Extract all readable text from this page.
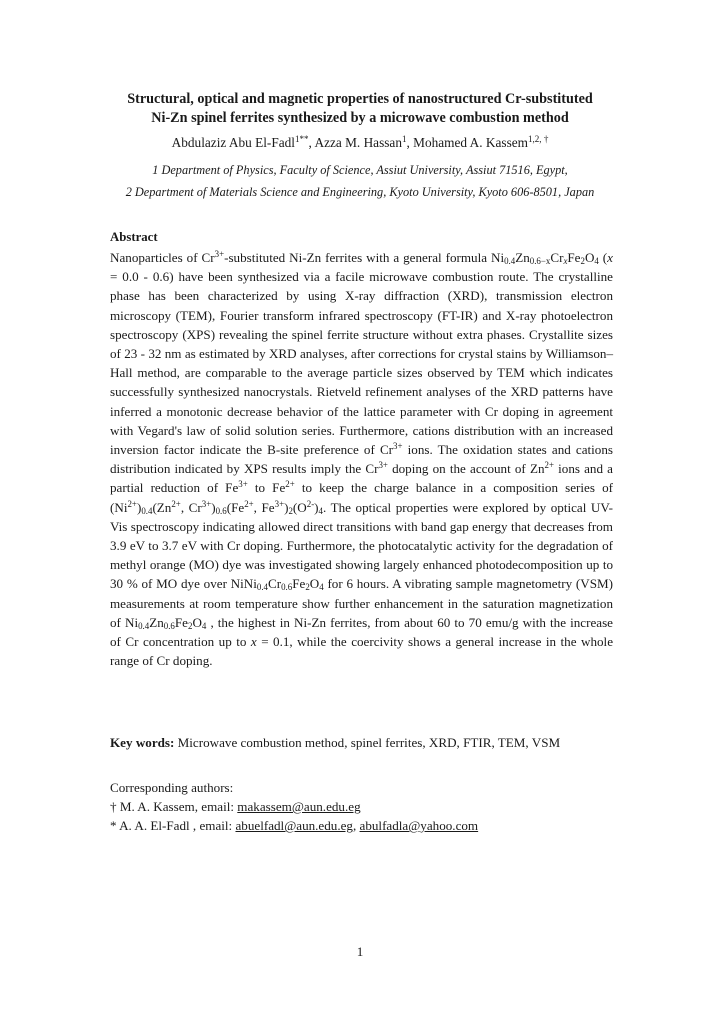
Structural, optical and magnetic properties of nanostructured Cr-substituted
Ni-Zn spinel ferrites synthesized by a microwave combustion method
Abdulaziz Abu El-Fadl$^{1**}$, Azza M. Hassan$^1$, Mohamed A. Kassem$^{1,2, \dagger}$
1 Department of Physics, Faculty of Science, Assiut University, Assiut 71516, Egypt,
2 Department of Materials Science and Engineering, Kyoto University, Kyoto 606-8501, Japan
Abstract

Nanoparticles of $Cr^{3+}$-substituted Ni-Zn ferrites with a general formula $Ni_{0.4}Zn_{0.6-x}Cr_xFe_2O_4$ (x = 0.0 - 0.6) have been synthesized via a facile microwave combustion route. The crystalline phase has been characterized by using X-ray diffraction (XRD), transmission electron microscopy (TEM), Fourier transform infrared spectroscopy (FT-IR) and X-ray photoelectron spectroscopy (XPS) revealing the spinel ferrite structure without extra phases. Crystallite sizes of 23 - 32 nm as estimated by XRD analyses, after corrections for crystal stains by Williamson–Hall method, are comparable to the average particle sizes observed by TEM which indicates successfully synthesized nanocrystals. Rietveld refinement analyses of the XRD patterns have inferred a monotonic decrease behavior of the lattice parameter with Cr doping in agreement with Vegard's law of solid solution series. Furthermore, cations distribution with an increased inversion factor indicate the B-site preference of $Cr^{3+}$ ions. The oxidation states and cations distribution indicated by XPS results imply the $Cr^{3+}$ doping on the account of $Zn^{2+}$ ions and a partial reduction of $Fe^{3+}$ to $Fe^{2+}$ to keep the charge balance in a composition series of $(Ni^{2+})_{0.4}(Zn^{2+}$, $Cr^{3+})_{0.6}(Fe^{2+}$, $Fe^{3+})_2(O^{2-})_4$. The optical properties were explored by optical UV-Vis spectroscopy indicating allowed direct transitions with band gap energy that decreases from 3.9 eV to 3.7 eV with Cr doping. Furthermore, the photocatalytic activity for the degradation of methyl orange (MO) dye was investigated showing largely enhanced photodecomposition up to 30 % of MO dye over $NiNi_{0.4}Cr_{0.6}Fe_2O_4$ for 6 hours. A vibrating sample magnetometry (VSM) measurements at room temperature show further enhancement in the saturation magnetization of $Ni_{0.4}Zn_{0.6}Fe_2O_4$ , the highest in Ni-Zn ferrites, from about 60 to 70 emu/g with the increase of Cr concentration up to x = 0.1, while the coercivity shows a general increase in the whole range of Cr doping.

Key words: Microwave combustion method, spinel ferrites, XRD, FTIR, TEM, VSM
Corresponding authors:
† M. A. Kassem, email: makassem@aun.edu.eg
* A. A. El-Fadl , email: abuelfadl@aun.edu.eg, abulfadla@yahoo.com
1
